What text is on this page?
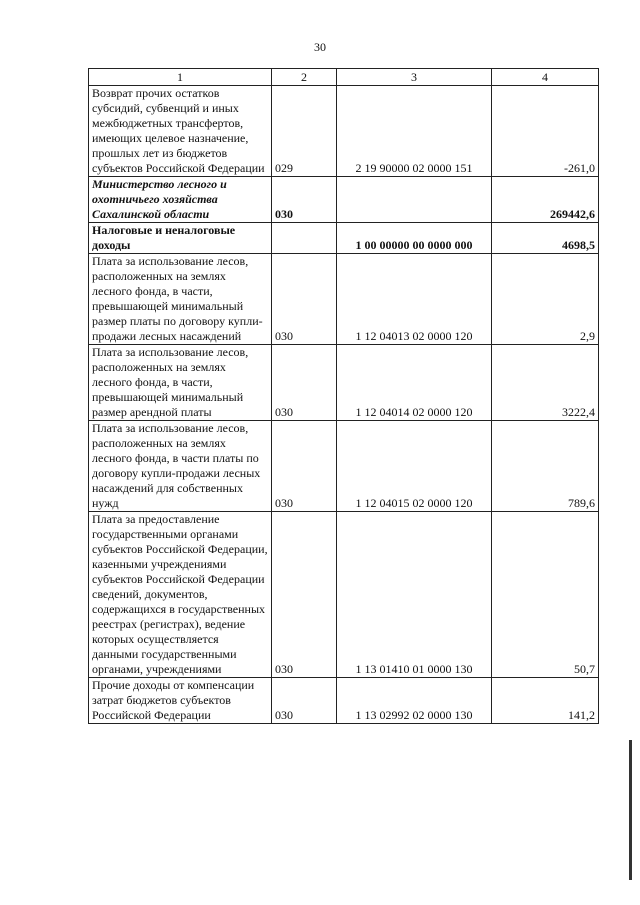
30
1	2	3	4
Возврат прочих остатков субсидий, субвенций и иных межбюджетных трансфертов, имеющих целевое назначение, прошлых лет из бюджетов субъектов Российской Федерации	029	2 19 90000 02 0000 151	-261,0
Министерство лесного и охотничьего хозяйства Сахалинской области	030		269442,6
Налоговые и неналоговые доходы		1 00 00000 00 0000 000	4698,5
Плата за использование лесов, расположенных на землях лесного фонда, в части, превышающей минимальный размер платы по договору купли-продажи лесных насаждений	030	1 12 04013 02 0000 120	2,9
Плата за использование лесов, расположенных на землях лесного фонда, в части, превышающей минимальный размер арендной платы	030	1 12 04014 02 0000 120	3222,4
Плата за использование лесов, расположенных на землях лесного фонда, в части платы по договору купли-продажи лесных насаждений для собственных нужд	030	1 12 04015 02 0000 120	789,6
Плата за предоставление государственными органами субъектов Российской Федерации, казенными учреждениями субъектов Российской Федерации сведений, документов, содержащихся в государственных реестрах (регистрах), ведение которых осуществляется данными государственными органами, учреждениями	030	1 13 01410 01 0000 130	50,7
Прочие доходы от компенсации затрат бюджетов субъектов Российской Федерации	030	1 13 02992 02 0000 130	141,2
